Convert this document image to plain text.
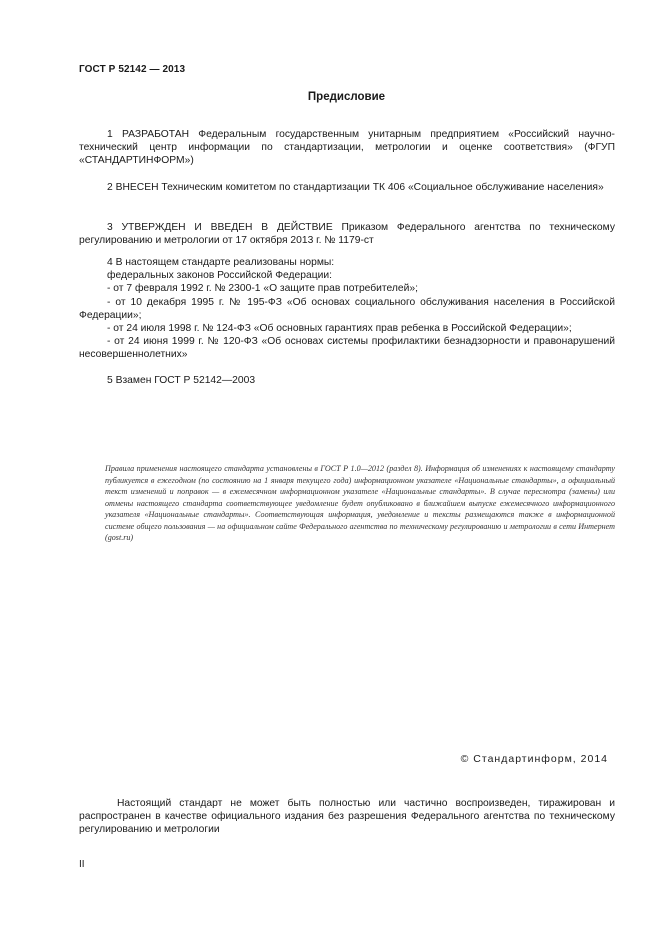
ГОСТ Р 52142 — 2013
Предисловие

1 РАЗРАБОТАН Федеральным государственным унитарным предприятием «Российский научно-технический центр информации по стандартизации, метрологии и оценке соответствия» (ФГУП «СТАНДАРТИНФОРМ»)

2 ВНЕСЕН Техническим комитетом по стандартизации ТК 406 «Социальное обслуживание населения»

3 УТВЕРЖДЕН И ВВЕДЕН В ДЕЙСТВИЕ Приказом Федерального агентства по техническому регулированию и метрологии от 17 октября 2013 г. № 1179-ст

4 В настоящем стандарте реализованы нормы:

федеральных законов Российской Федерации:

- от 7 февраля 1992 г. № 2300-1 «О защите прав потребителей»;

- от 10 декабря 1995 г. № 195-ФЗ «Об основах социального обслуживания населения в Российской Федерации»;

- от 24 июля 1998 г. № 124-ФЗ «Об основных гарантиях прав ребенка в Российской Федерации»;

- от 24 июня 1999 г. № 120-ФЗ «Об основах системы профилактики безнадзорности и правонарушений несовершеннолетних»

5 Взамен ГОСТ Р 52142—2003

Правила применения настоящего стандарта установлены в ГОСТ Р 1.0—2012 (раздел 8). Информация об изменениях к настоящему стандарту публикуется в ежегодном (по состоянию на 1 января текущего года) информационном указателе «Национальные стандарты», а официальный текст изменений и поправок — в ежемесячном информационном указателе «Национальные стандарты». В случае пересмотра (замены) или отмены настоящего стандарта соответствующее уведомление будет опубликовано в ближайшем выпуске ежемесячного информационного указателя «Национальные стандарты». Соответствующая информация, уведомление и тексты размещаются также в информационной системе общего пользования — на официальном сайте Федерального агентства по техническому регулированию и метрологии в сети Интернет (gost.ru)
© Стандартинформ, 2014

Настоящий стандарт не может быть полностью или частично воспроизведен, тиражирован и распространен в качестве официального издания без разрешения Федерального агентства по техническому регулированию и метрологии

II
